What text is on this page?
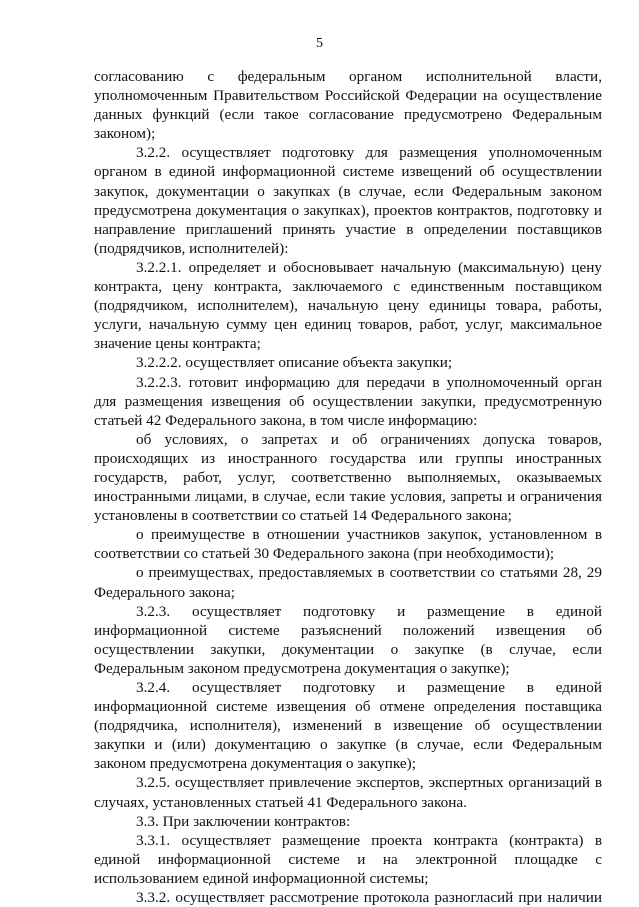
5

согласованию с федеральным органом исполнительной власти, уполномоченным Правительством Российской Федерации на осуществление данных функций (если такое согласование предусмотрено Федеральным законом);

3.2.2. осуществляет подготовку для размещения уполномоченным органом в единой информационной системе извещений об осуществлении закупок, документации о закупках (в случае, если Федеральным законом предусмотрена документация о закупках), проектов контрактов, подготовку и направление приглашений принять участие в определении поставщиков (подрядчиков, исполнителей):

3.2.2.1. определяет и обосновывает начальную (максимальную) цену контракта, цену контракта, заключаемого с единственным поставщиком (подрядчиком, исполнителем), начальную цену единицы товара, работы, услуги, начальную сумму цен единиц товаров, работ, услуг, максимальное значение цены контракта;

3.2.2.2. осуществляет описание объекта закупки;

3.2.2.3. готовит информацию для передачи в уполномоченный орган для размещения извещения об осуществлении закупки, предусмотренную статьей 42 Федерального закона, в том числе информацию:

об условиях, о запретах и об ограничениях допуска товаров, происходящих из иностранного государства или группы иностранных государств, работ, услуг, соответственно выполняемых, оказываемых иностранными лицами, в случае, если такие условия, запреты и ограничения установлены в соответствии со статьей 14 Федерального закона;

о преимуществе в отношении участников закупок, установленном в соответствии со статьей 30 Федерального закона (при необходимости);

о преимуществах, предоставляемых в соответствии со статьями 28, 29 Федерального закона;

3.2.3. осуществляет подготовку и размещение в единой информационной системе разъяснений положений извещения об осуществлении закупки, документации о закупке (в случае, если Федеральным законом предусмотрена документация о закупке);

3.2.4. осуществляет подготовку и размещение в единой информационной системе извещения об отмене определения поставщика (подрядчика, исполнителя), изменений в извещение об осуществлении закупки и (или) документацию о закупке (в случае, если Федеральным законом предусмотрена документация о закупке);

3.2.5. осуществляет привлечение экспертов, экспертных организаций в случаях, установленных статьей 41 Федерального закона.

3.3. При заключении контрактов:

3.3.1. осуществляет размещение проекта контракта (контракта) в единой информационной системе и на электронной площадке с использованием единой информационной системы;

3.3.2. осуществляет рассмотрение протокола разногласий при наличии
